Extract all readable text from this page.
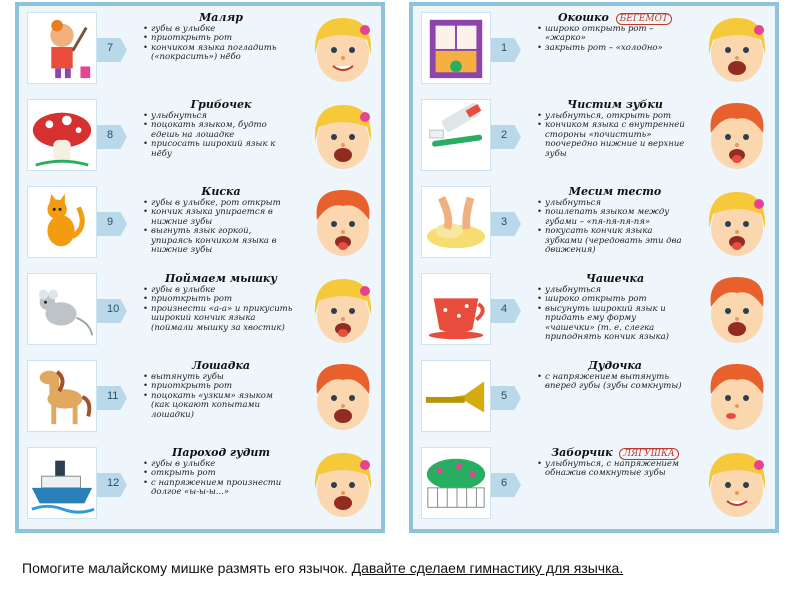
7
Маляр
• губы в улыбке
• приоткрыть рот
• кончиком языка погладить («покрасить») нёбо
8
Грибочек
• улыбнуться
• поцокать языком, будто едешь на лошадке
• присосать широкий язык к нёбу
9
Киска
• губы в улыбке, рот открыт
• кончик языка упирается в нижние зубы
• выгнуть язык горкой, упираясь кончиком языка в нижние зубы
10
Поймаем мышку
• губы в улыбке
• приоткрыть рот
• произнести «а-а» и прикусить широкий кончик языка (поймали мышку за хвостик)
11
Лошадка
• вытянуть губы
• приоткрыть рот
• поцокать «узким» языком (как цокают копытами лошадки)
12
Пароход гудит
• губы в улыбке
• открыть рот
• с напряжением произнести долгое «ы-ы-ы...»
1
Окошко БЕГЕМОТ
• широко открыть рот – «жарко»
• закрыть рот – «холодно»
2
Чистим зубки
• улыбнуться, открыть рот
• кончиком языка с внутренней стороны «почистить» поочередно нижние и верхние зубы
3
Месим тесто
• улыбнуться
• пошлепать языком между губами – «пя-пя-пя-пя»
• покусать кончик языка зубками (чередовать эти два движения)
4
Чашечка
• улыбнуться
• широко открыть рот
• высунуть широкий язык и придать ему форму «чашечки» (т. е. слегка приподнять кончик языка)
5
Дудочка
• с напряжением вытянуть вперед губы (зубы сомкнуты)
6
Заборчик ЛЯГУШКА
• улыбнуться, с напряжением обнажив сомкнутые зубы
Помогите малайскому мишке размять его язычок. Давайте сделаем гимнастику для язычка.
